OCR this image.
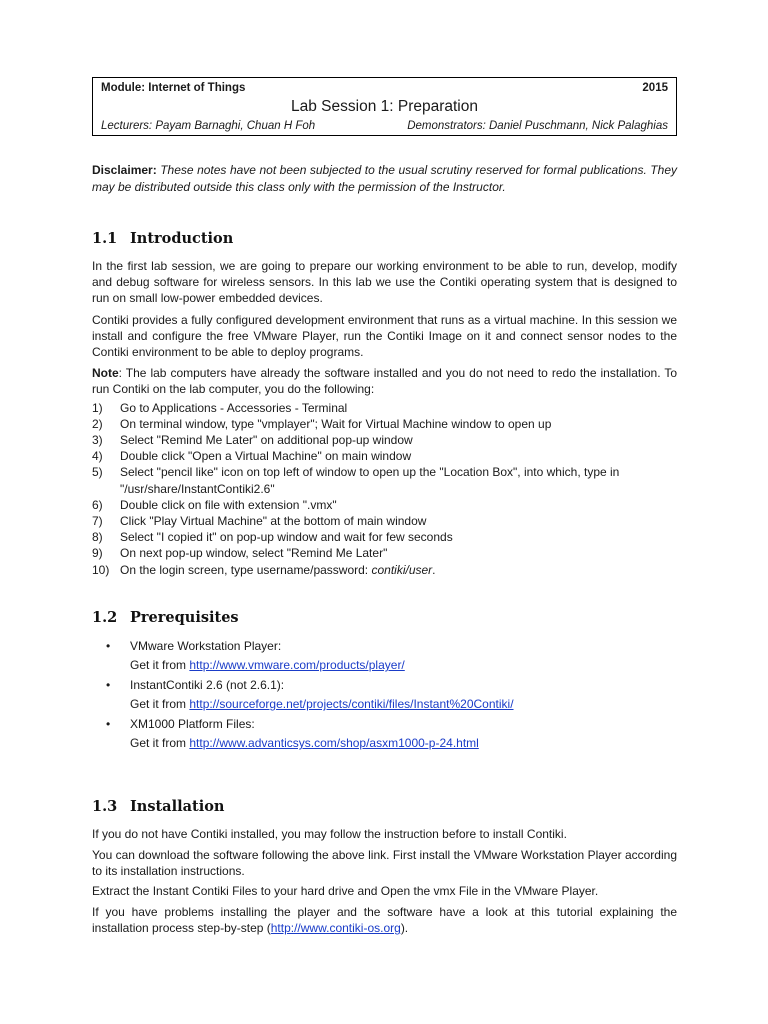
Module: Internet of Things	2015
Lab Session 1: Preparation
Lecturers: Payam Barnaghi, Chuan H Foh	Demonstrators: Daniel Puschmann, Nick Palaghias

Disclaimer: These notes have not been subjected to the usual scrutiny reserved for formal publications. They may be distributed outside this class only with the permission of the Instructor.

1.1 Introduction

In the first lab session, we are going to prepare our working environment to be able to run, develop, modify and debug software for wireless sensors. In this lab we use the Contiki operating system that is designed to run on small low-power embedded devices.

Contiki provides a fully configured development environment that runs as a virtual machine. In this session we install and configure the free VMware Player, run the Contiki Image on it and connect sensor nodes to the Contiki environment to be able to deploy programs.

Note: The lab computers have already the software installed and you do not need to redo the installation. To run Contiki on the lab computer, you do the following:

1)	Go to Applications - Accessories - Terminal
2)	On terminal window, type "vmplayer"; Wait for Virtual Machine window to open up
3)	Select "Remind Me Later" on additional pop-up window
4)	Double click "Open a Virtual Machine" on main window
5)	Select "pencil like" icon on top left of window to open up the "Location Box", into which, type in "/usr/share/InstantContiki2.6"
6)	Double click on file with extension ".vmx"
7)	Click "Play Virtual Machine" at the bottom of main window
8)	Select "I copied it" on pop-up window and wait for few seconds
9)	On next pop-up window, select "Remind Me Later"
10) On the login screen, type username/password: contiki/user.
1.2 Prerequisites
• VMware Workstation Player:
Get it from http://www.vmware.com/products/player/
• InstantContiki 2.6 (not 2.6.1):
Get it from http://sourceforge.net/projects/contiki/files/Instant%20Contiki/
• XM1000 Platform Files:
Get it from http://www.advanticsys.com/shop/asxm1000-p-24.html
1.3 Installation

If you do not have Contiki installed, you may follow the instruction before to install Contiki.

You can download the software following the above link. First install the VMware Workstation Player according to its installation instructions.

Extract the Instant Contiki Files to your hard drive and Open the vmx File in the VMware Player.

If you have problems installing the player and the software have a look at this tutorial explaining the installation process step-by-step (http://www.contiki-os.org).
